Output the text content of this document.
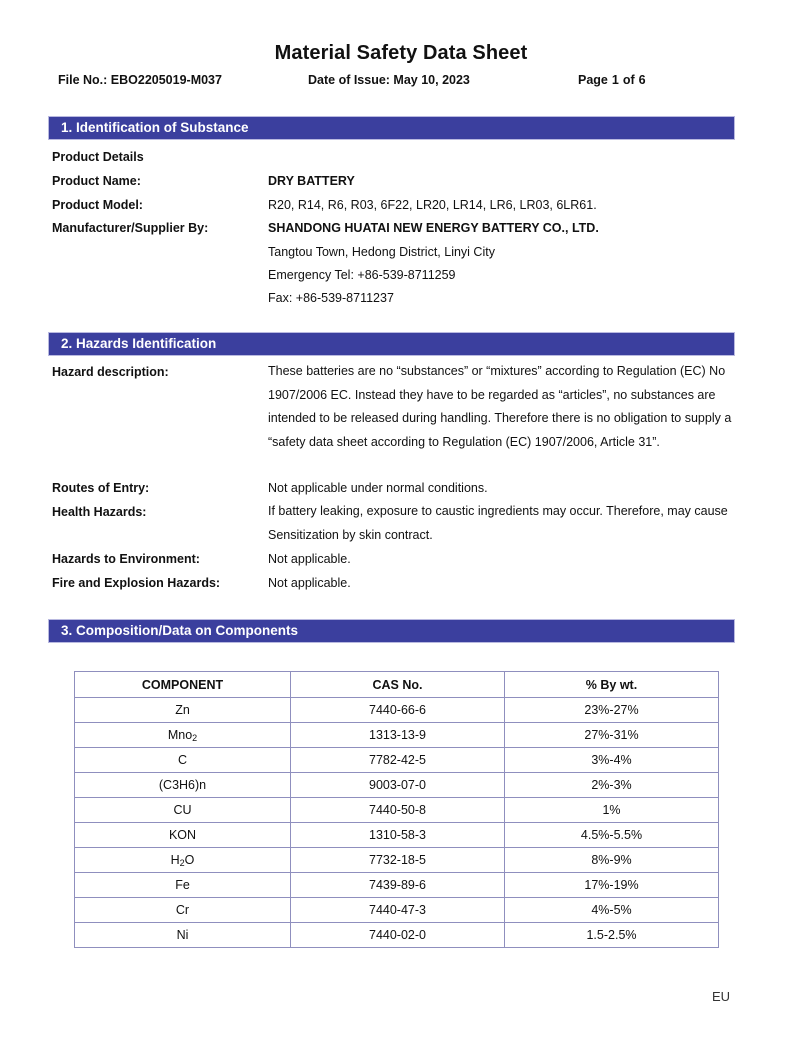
Material Safety Data Sheet
File No.: EBO2205019-M037	Date of Issue: May 10, 2023	Page 1 of 6
1. Identification of Substance
Product Details
Product Name:	DRY BATTERY
Product Model:	R20, R14, R6, R03, 6F22, LR20, LR14, LR6, LR03, 6LR61.
Manufacturer/Supplier By:	SHANDONG HUATAI NEW ENERGY BATTERY CO., LTD.
Tangtou Town, Hedong District, Linyi City
Emergency Tel: +86-539-8711259
Fax: +86-539-8711237
2. Hazards Identification
Hazard description:	These batteries are no “substances” or “mixtures” according to Regulation (EC) No 1907/2006 EC. Instead they have to be regarded as “articles”, no substances are intended to be released during handling. Therefore there is no obligation to supply a “safety data sheet according to Regulation (EC) 1907/2006, Article 31”.
Routes of Entry:	Not applicable under normal conditions.
Health Hazards:	If battery leaking, exposure to caustic ingredients may occur. Therefore, may cause Sensitization by skin contract.
Hazards to Environment:	Not applicable.
Fire and Explosion Hazards:	Not applicable.
3. Composition/Data on Components
COMPONENT	CAS No.	% By wt.
Zn	7440-66-6	23%-27%
Mno$_2$	1313-13-9	27%-31%
C	7782-42-5	3%-4%
(C3H6)n	9003-07-0	2%-3%
CU	7440-50-8	1%
KON	1310-58-3	4.5%-5.5%
$H_2O$	7732-18-5	8%-9%
Fe	7439-89-6	17%-19%
Cr	7440-47-3	4%-5%
Ni	7440-02-0	1.5-2.5%
EU
